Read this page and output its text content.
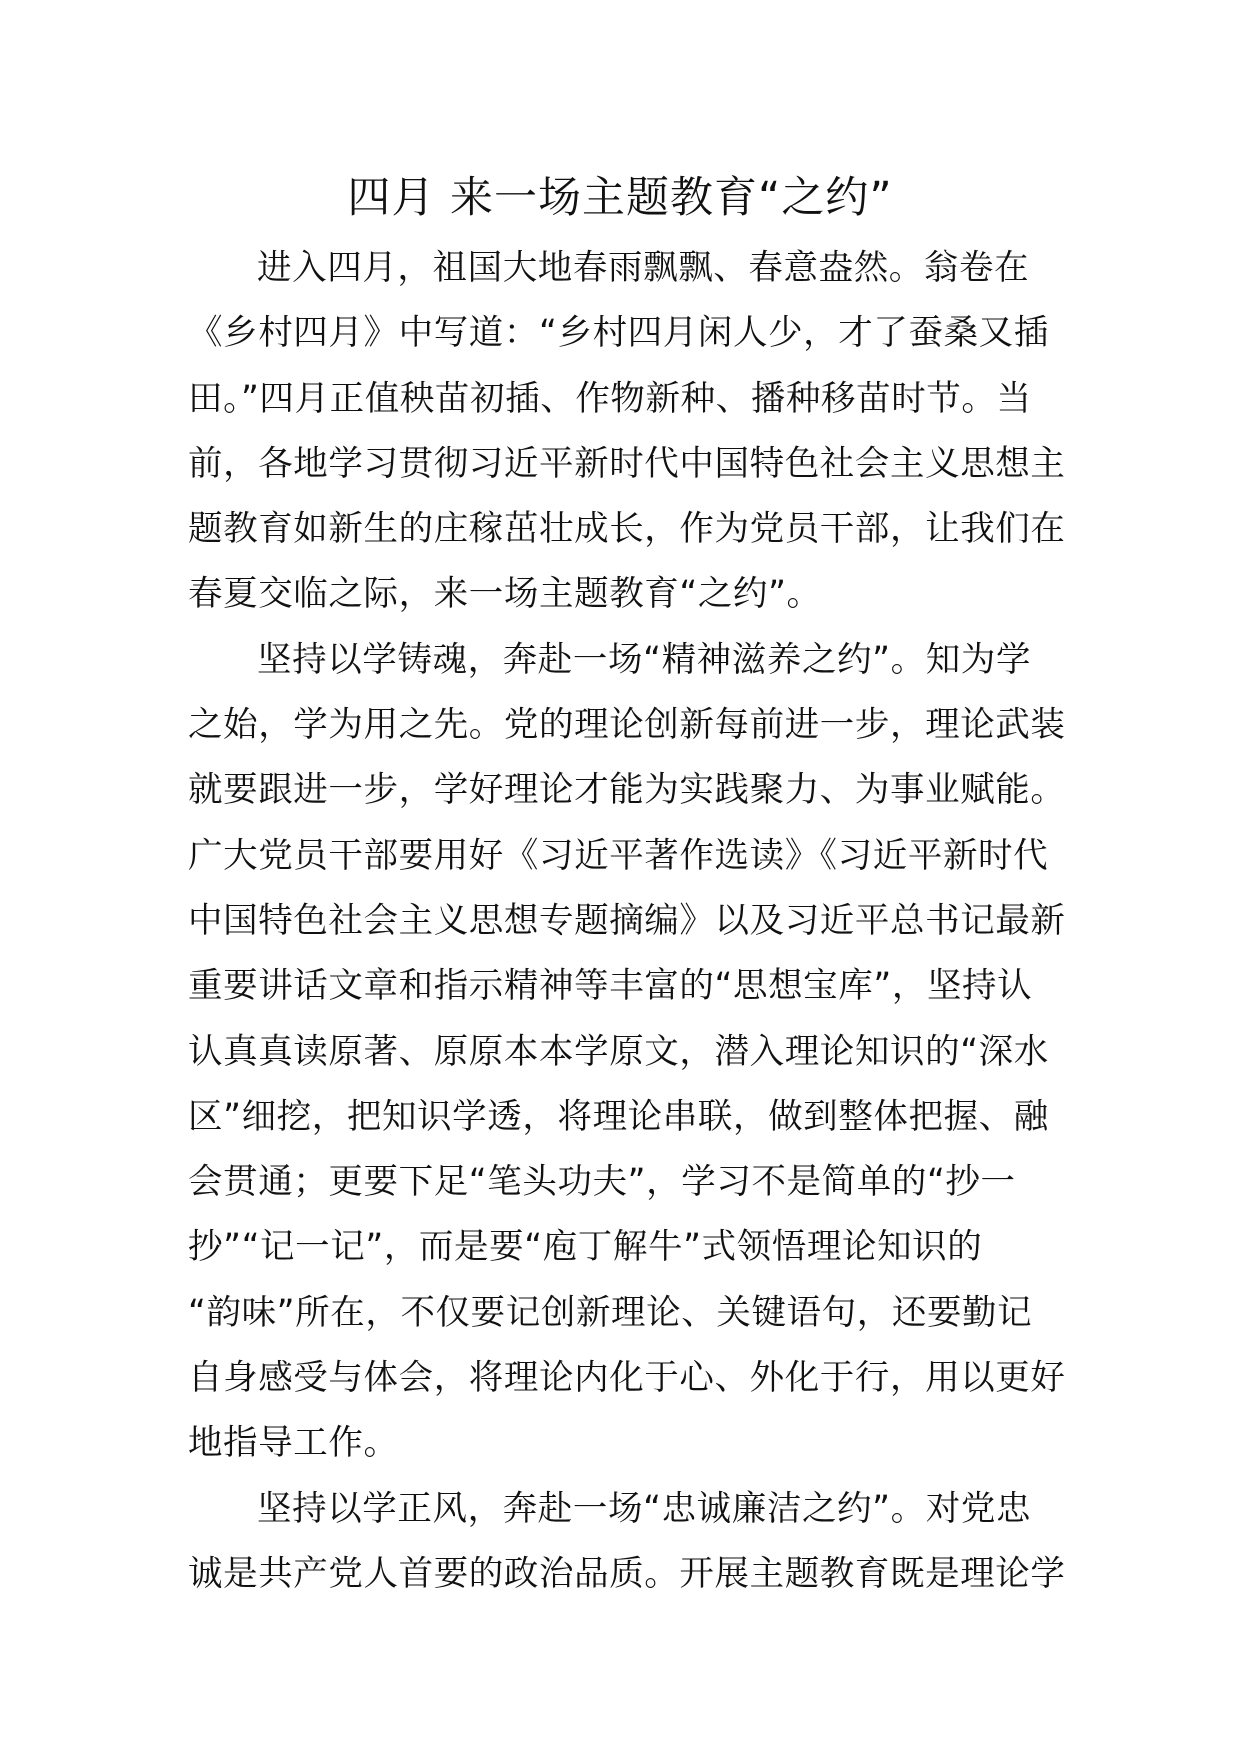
四月 来一场主题教育“之约”
进入四月，祖国大地春雨飘飘、春意盎然。翁卷在
《乡村四月》中写道：“乡村四月闲人少，才了蚕桑又插
田。”四月正值秧苗初插、作物新种、播种移苗时节。当
前，各地学习贯彻习近平新时代中国特色社会主义思想主
题教育如新生的庄稼茁壮成长，作为党员干部，让我们在
春夏交临之际，来一场主题教育“之约”。
坚持以学铸魂，奔赴一场“精神滋养之约”。知为学
之始，学为用之先。党的理论创新每前进一步，理论武装
就要跟进一步，学好理论才能为实践聚力、为事业赋能。
广大党员干部要用好《习近平著作选读》《习近平新时代
中国特色社会主义思想专题摘编》以及习近平总书记最新
重要讲话文章和指示精神等丰富的“思想宝库”，坚持认
认真真读原著、原原本本学原文，潜入理论知识的“深水
区”细挖，把知识学透，将理论串联，做到整体把握、融
会贯通；更要下足“笔头功夫”，学习不是简单的“抄一
抄”“记一记”，而是要“庖丁解牛”式领悟理论知识的
“韵味”所在，不仅要记创新理论、关键语句，还要勤记
自身感受与体会，将理论内化于心、外化于行，用以更好
地指导工作。
坚持以学正风，奔赴一场“忠诚廉洁之约”。对党忠
诚是共产党人首要的政治品质。开展主题教育既是理论学
